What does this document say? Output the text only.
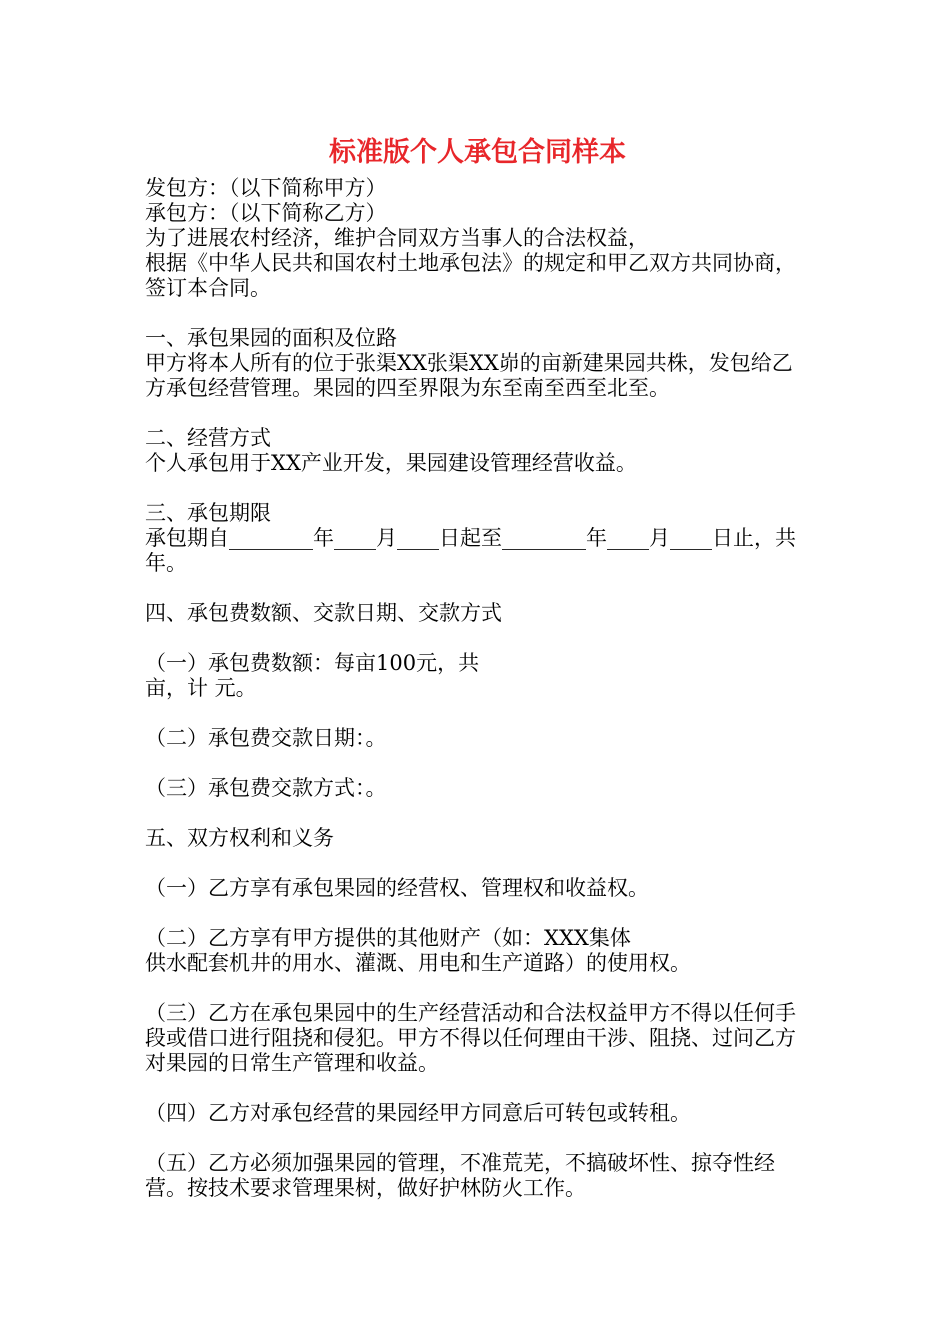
标准版个人承包合同样本

发包方：（以下简称甲方）

承包方：（以下简称乙方）

为了进展农村经济，维护合同双方当事人的合法权益，

根据《中华人民共和国农村土地承包法》的规定和甲乙双方共同协商，签订本合同。

一、承包果园的面积及位路

甲方将本人所有的位于张渠XX张渠XX峁的亩新建果园共株，发包给乙方承包经营管理。果园的四至界限为东至南至西至北至。

二、经营方式

个人承包用于XX产业开发，果园建设管理经营收益。

三、承包期限

承包期自________年____月____日起至________年____月____日止，共年。

四、承包费数额、交款日期、交款方式

（一）承包费数额：每亩100元，共

亩，计 元。

（二）承包费交款日期：。

（三）承包费交款方式：。

五、双方权利和义务

（一）乙方享有承包果园的经营权、管理权和收益权。

（二）乙方享有甲方提供的其他财产（如：XXX集体

供水配套机井的用水、灌溉、用电和生产道路）的使用权。

（三）乙方在承包果园中的生产经营活动和合法权益甲方不得以任何手段或借口进行阻挠和侵犯。甲方不得以任何理由干涉、阻挠、过问乙方对果园的日常生产管理和收益。

（四）乙方对承包经营的果园经甲方同意后可转包或转租。

（五）乙方必须加强果园的管理，不准荒芜，不搞破坏性、掠夺性经营。按技术要求管理果树，做好护林防火工作。
